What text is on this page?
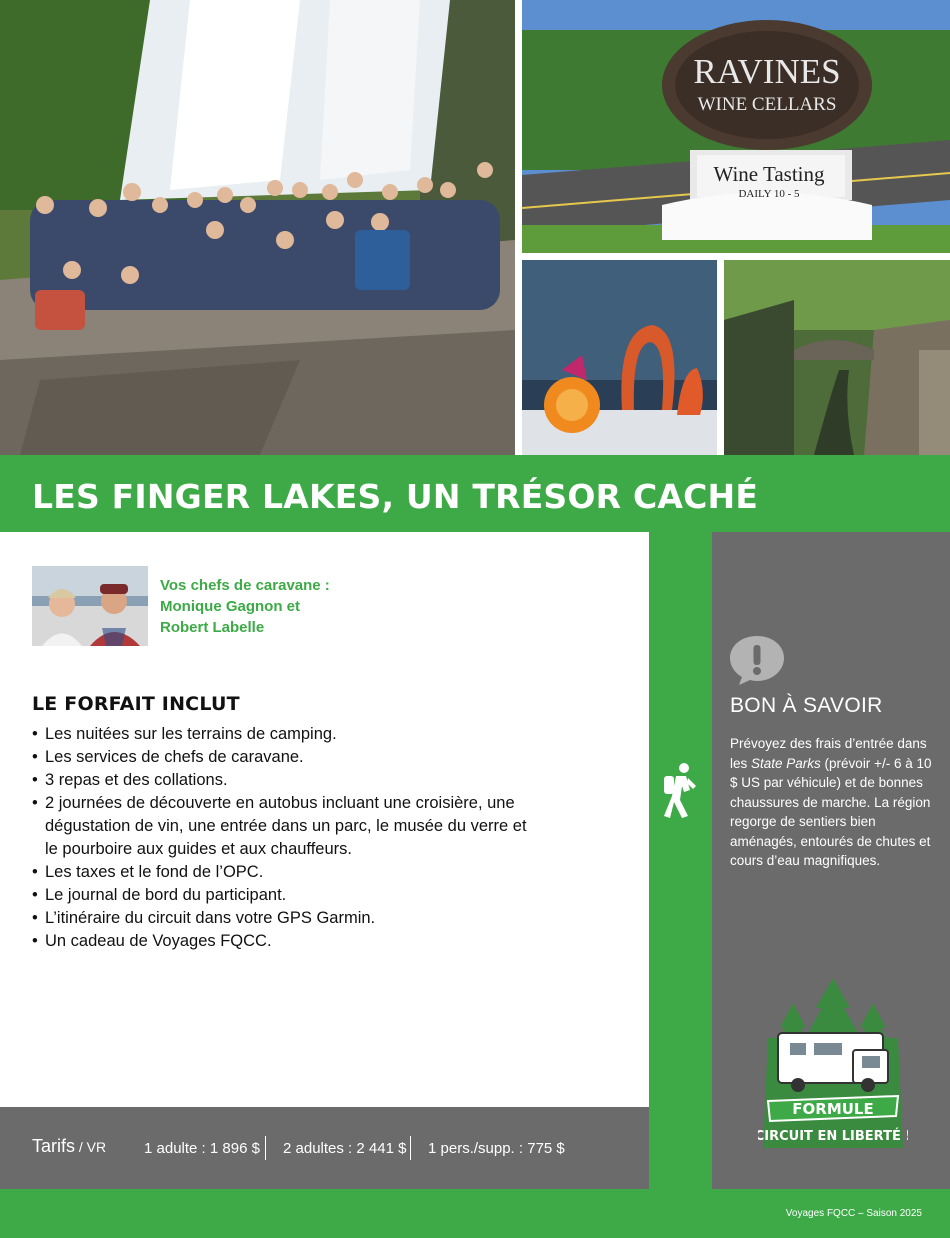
RAVINES
WINE CELLARS
Wine Tasting
DAILY 10 - 5
LES FINGER LAKES, UN TRÉSOR CACHÉ
Vos chefs de caravane :
Monique Gagnon et
Robert Labelle
LE FORFAIT INCLUT
• Les nuitées sur les terrains de camping.
• Les services de chefs de caravane.
• 3 repas et des collations.
• 2 journées de découverte en autobus incluant une croisière, une dégustation de vin, une entrée dans un parc, le musée du verre et le pourboire aux guides et aux chauffeurs.
• Les taxes et le fond de l’OPC.
• Le journal de bord du participant.
• L’itinéraire du circuit dans votre GPS Garmin.
• Un cadeau de Voyages FQCC.
Tarifs / VR	1 adulte : 1 896 $ 2 adultes : 2 441 $ 1 pers./supp. : 775 $
BON À SAVOIR
Prévoyez des frais d’entrée dans les State Parks (prévoir +/- 6 à 10 $ US par véhicule) et de bonnes chaussures de marche. La région regorge de sentiers bien aménagés, entourés de chutes et cours d’eau magnifiques.
FORMULE
CIRCUIT EN LIBERTÉ !
Voyages FQCC – Saison 2025
